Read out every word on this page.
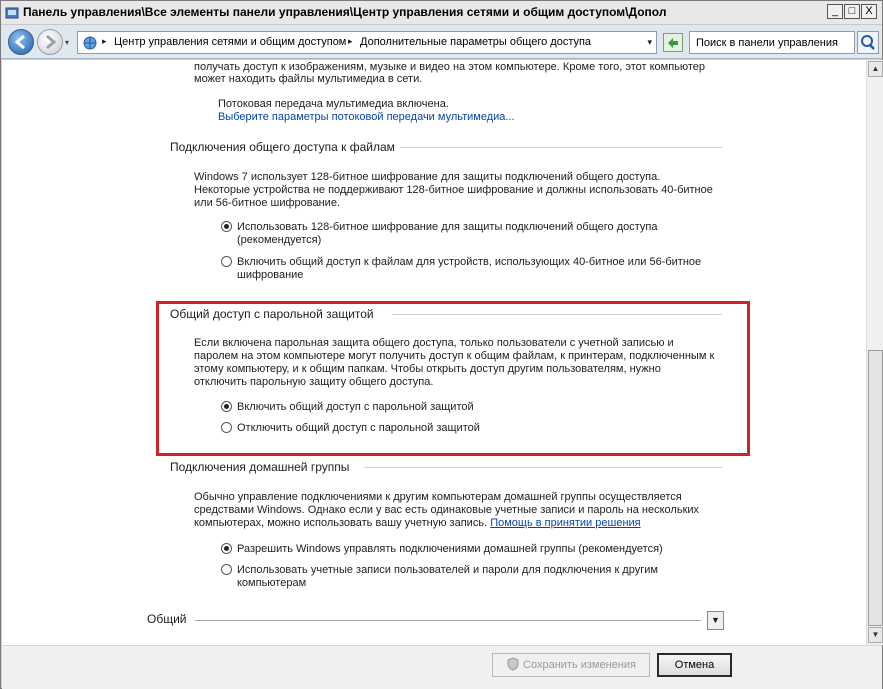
Панель управления\Все элементы панели управления\Центр управления сетями и общим доступом\Допол	_ □ X
▾	▸ Центр управления сетями и общим доступом ▸ Дополнительные параметры общего доступа	▾	Поиск в панели управления
получать доступ к изображениям, музыке и видео на этом компьютере. Кроме того, этот компьютер
может находить файлы мультимедиа в сети.
Потоковая передача мультимедиа включена.
Выберите параметры потоковой передачи мультимедиа...
Подключения общего доступа к файлам
Windows 7 использует 128-битное шифрование для защиты подключений общего доступа.
Некоторые устройства не поддерживают 128-битное шифрование и должны использовать 40-битное
или 56-битное шифрование.
Использовать 128-битное шифрование для защиты подключений общего доступа
(рекомендуется)
Включить общий доступ к файлам для устройств, использующих 40-битное или 56-битное
шифрование
Общий доступ с парольной защитой
Если включена парольная защита общего доступа, только пользователи с учетной записью и
паролем на этом компьютере могут получить доступ к общим файлам, к принтерам, подключенным к
этому компьютеру, и к общим папкам. Чтобы открыть доступ другим пользователям, нужно
отключить парольную защиту общего доступа.
Включить общий доступ с парольной защитой
Отключить общий доступ с парольной защитой
Подключения домашней группы
Обычно управление подключениями к другим компьютерам домашней группы осуществляется
средствами Windows. Однако если у вас есть одинаковые учетные записи и пароль на нескольких
компьютерах, можно использовать вашу учетную запись. Помощь в принятии решения
Разрешить Windows управлять подключениями домашней группы (рекомендуется)
Использовать учетные записи пользователей и пароли для подключения к другим
компьютерам
Общий	▼
▲
▼
Сохранить изменения	Отмена
